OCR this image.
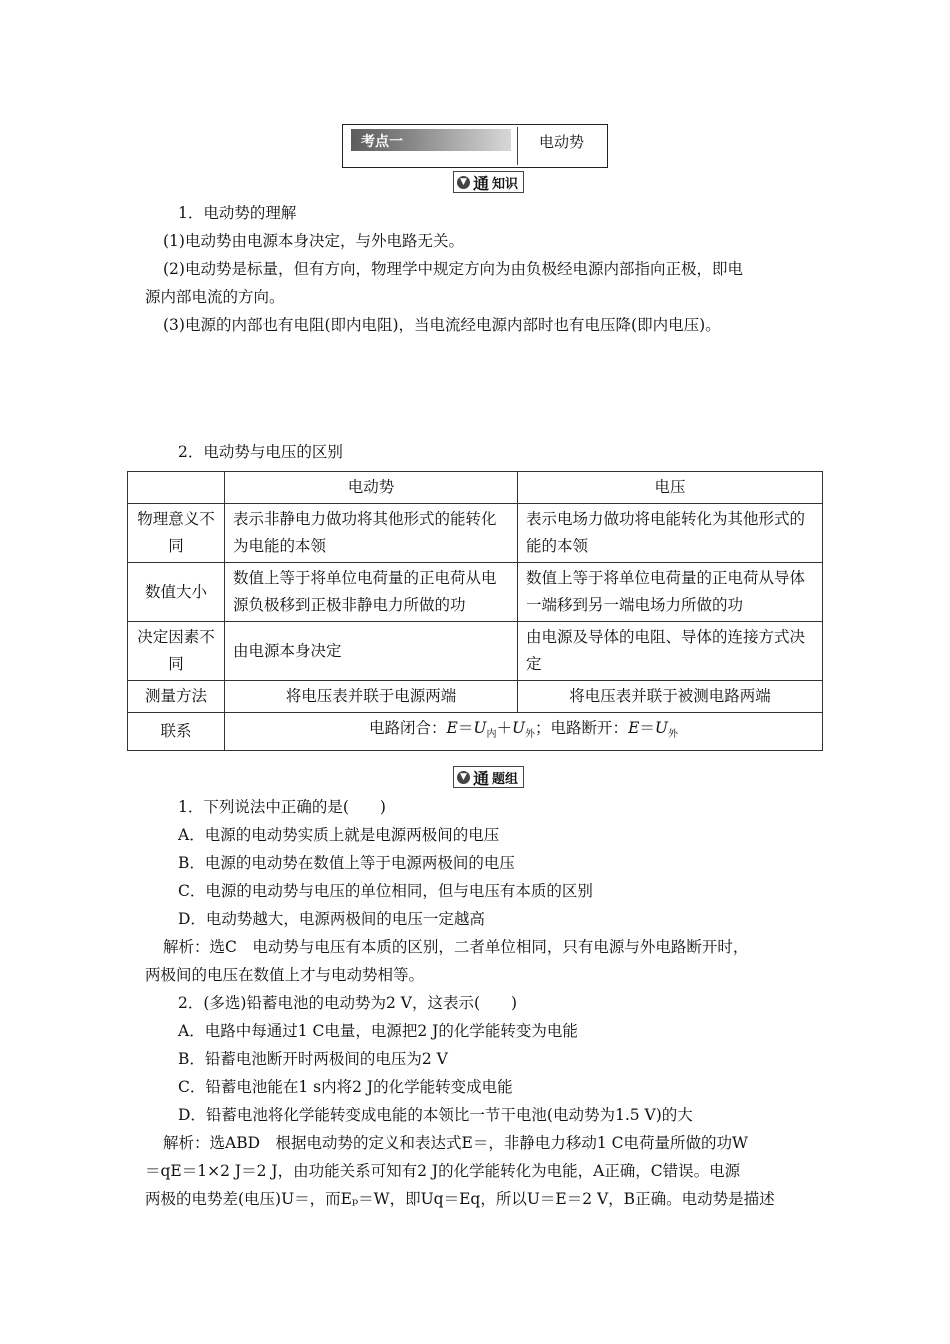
考点一	电动势
▼ 通 知识
1．电动势的理解
(1)电动势由电源本身决定，与外电路无关。
(2)电动势是标量，但有方向，物理学中规定方向为由负极经电源内部指向正极，即电
源内部电流的方向。
(3)电源的内部也有电阻(即内电阻)，当电流经电源内部时也有电压降(即内电压)。
2．电动势与电压的区别
	电动势	电压
物理意义不同	表示非静电力做功将其他形式的能转化为电能的本领	表示电场力做功将电能转化为其他形式的能的本领
数值大小	数值上等于将单位电荷量的正电荷从电源负极移到正极非静电力所做的功	数值上等于将单位电荷量的正电荷从导体一端移到另一端电场力所做的功
决定因素不同	由电源本身决定	由电源及导体的电阻、导体的连接方式决定
测量方法	将电压表并联于电源两端	将电压表并联于被测电路两端
联系	电路闭合：$E=U_内+U_外$；电路断开：$E=U_外$
▼ 通 题组
1．下列说法中正确的是(　　)
A．电源的电动势实质上就是电源两极间的电压
B．电源的电动势在数值上等于电源两极间的电压
C．电源的电动势与电压的单位相同，但与电压有本质的区别
D．电动势越大，电源两极间的电压一定越高
解析：选C　电动势与电压有本质的区别，二者单位相同，只有电源与外电路断开时，
两极间的电压在数值上才与电动势相等。
2．(多选)铅蓄电池的电动势为2 V，这表示(　　)
A．电路中每通过1 C电量，电源把2 J的化学能转变为电能
B．铅蓄电池断开时两极间的电压为2 V
C．铅蓄电池能在1 s内将2 J的化学能转变成电能
D．铅蓄电池将化学能转变成电能的本领比一节干电池(电动势为1.5 V)的大
解析：选ABD　根据电动势的定义和表达式E＝，非静电力移动1 C电荷量所做的功W
＝qE＝1×2 J＝2 J，由功能关系可知有2 J的化学能转化为电能，A正确，C错误。电源
两极的电势差(电压)U＝，而Eₚ＝W，即Uq＝Eq，所以U＝E＝2 V，B正确。电动势是描述
